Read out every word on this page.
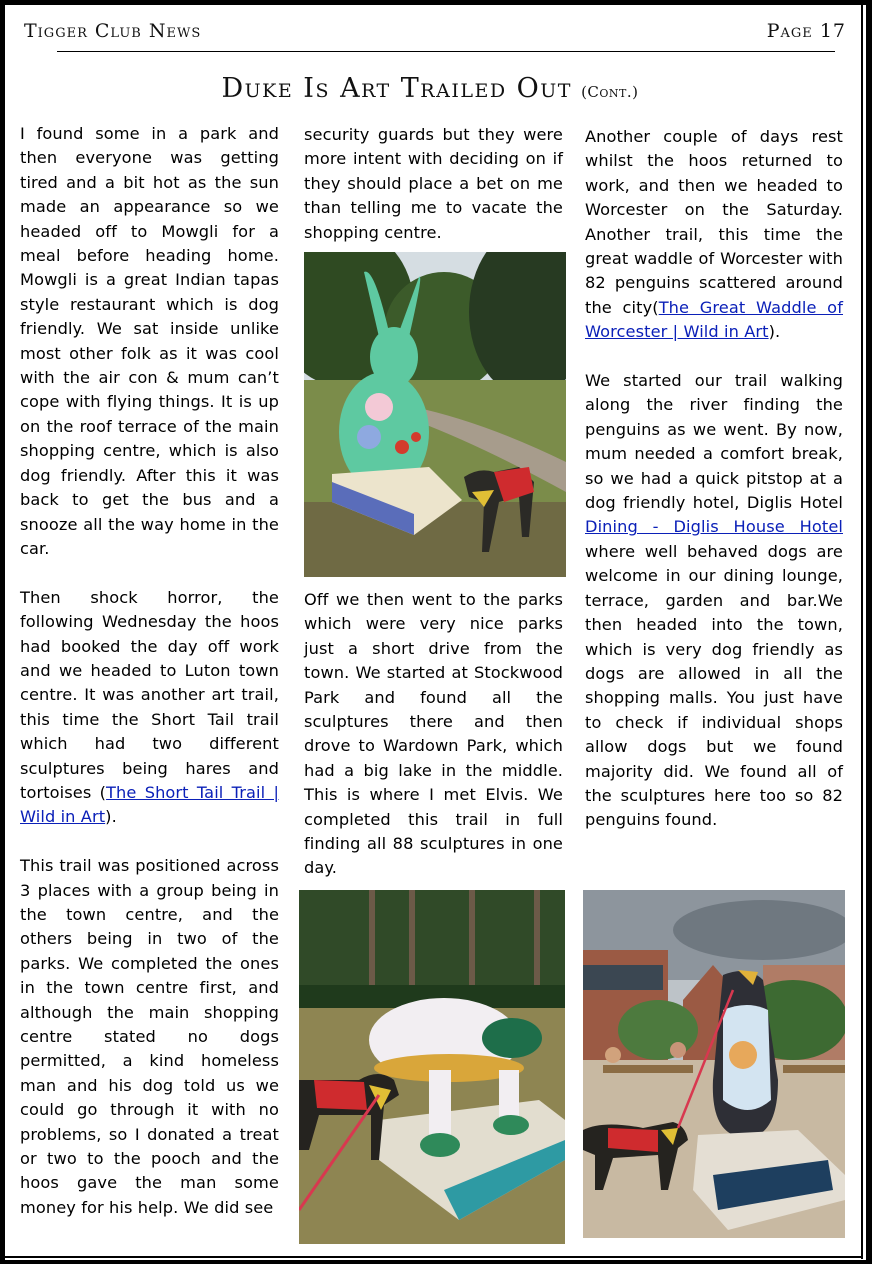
Tigger Club News	Page 17
Duke Is Art Trailed Out (Cont.)

I found some in a park and then everyone was getting tired and a bit hot as the sun made an appearance so we headed off to Mowgli for a meal before heading home. Mowgli is a great Indian tapas style restaurant which is dog friendly. We sat inside unlike most other folk as it was cool with the air con & mum can’t cope with flying things. It is up on the roof terrace of the main shopping centre, which is also dog friendly. After this it was back to get the bus and a snooze all the way home in the car.

Then shock horror, the following Wednesday the hoos had booked the day off work and we headed to Luton town centre. It was another art trail, this time the Short Tail trail which had two different sculptures being hares and tortoises (The Short Tail Trail | Wild in Art).

This trail was positioned across 3 places with a group being in the town centre, and the others being in two of the parks. We completed the ones in the town centre first, and although the main shopping centre stated no dogs permitted, a kind homeless man and his dog told us we could go through it with no problems, so I donated a treat or two to the pooch and the hoos gave the man some money for his help. We did see

security guards but they were more intent with deciding on if they should place a bet on me than telling me to vacate the shopping centre.

Off we then went to the parks which were very nice parks just a short drive from the town. We started at Stockwood Park and found all the sculptures there and then drove to Wardown Park, which had a big lake in the middle. This is where I met Elvis. We completed this trail in full finding all 88 sculptures in one day.

Another couple of days rest whilst the hoos returned to work, and then we headed to Worcester on the Saturday. Another trail, this time the great waddle of Worcester with 82 penguins scattered around the city(The Great Waddle of Worcester | Wild in Art).

We started our trail walking along the river finding the penguins as we went. By now, mum needed a comfort break, so we had a quick pitstop at a dog friendly hotel, Diglis Hotel Dining - Diglis House Hotel where well behaved dogs are welcome in our dining lounge, terrace, garden and bar.We then headed into the town, which is very dog friendly as dogs are allowed in all the shopping malls. You just have to check if individual shops allow dogs but we found majority did. We found all of the sculptures here too so 82 penguins found.
